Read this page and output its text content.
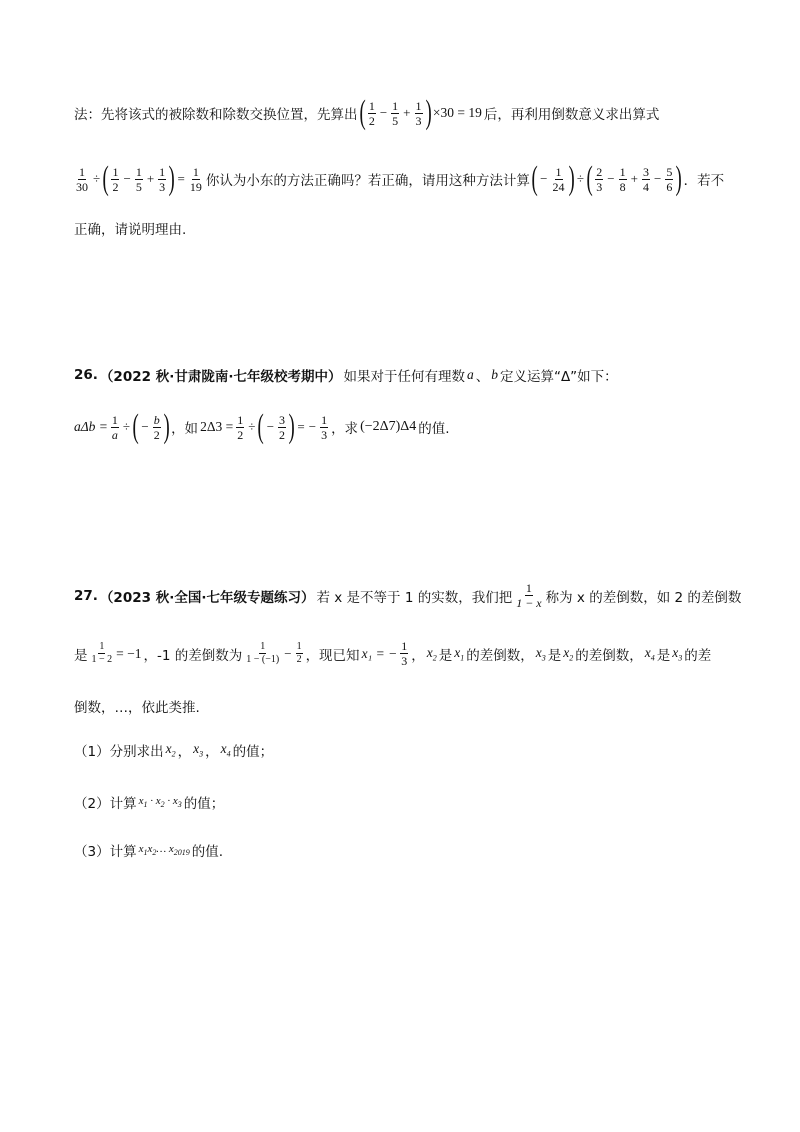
法：先将该式的被除数和除数交换位置，先算出 ( $\frac{1}{2} - \frac{1}{5} + \frac{1}{3}$ ) ×30 = 19 后，再利用倒数意义求出算式
$\frac{1}{30}$ ÷ ( $\frac{1}{2} - \frac{1}{5} + \frac{1}{3}$ ) = $\frac{1}{19}$ 你认为小东的方法正确吗？若正确，请用这种方法计算 ( − $\frac{1}{24}$ ) ÷ ( $\frac{2}{3} - \frac{1}{8} + \frac{3}{4} - \frac{5}{6}$ ) ．若不
正确，请说明理由.
26. （2022 秋·甘肃陇南·七年级校考期中） 如果对于任何有理数 a 、 b 定义运算“Δ”如下：
$a\Delta b = \frac{1}{a}$ ÷ ( − $\frac{b}{2}$ ) ，如 $2\Delta 3 = \frac{1}{2}$ ÷ ( − $\frac{3}{2}$ ) = − $\frac{1}{3}$ ，求 (−2Δ7)Δ4 的值.
27. （2023 秋·全国·七年级专题练习） 若 x 是不等于 1 的实数，我们把 $\frac{1}{1 - x}$ 称为 x 的差倒数，如 2 的差倒数
是 $\frac{1}{1 - 2} = -1$ ，-1 的差倒数为 $\frac{1}{1 - (-1)} - \frac{1}{2}$ ，现已知 x₁ = − $\frac{1}{3}$ ， $x_2$ 是 $x_1$ 的差倒数， $x_3$ 是 $x_2$ 的差倒数， $x_4$ 是 $x_3$ 的差
倒数，…，依此类推.
（1）分别求出 $x_2$ ， $x_3$ ， $x_4$ 的值；
（2）计算 $x_1 \cdot x_2 \cdot x_3$ 的值；
（3）计算 $x_1x_2\dots$ $x_{2019}$ 的值.
